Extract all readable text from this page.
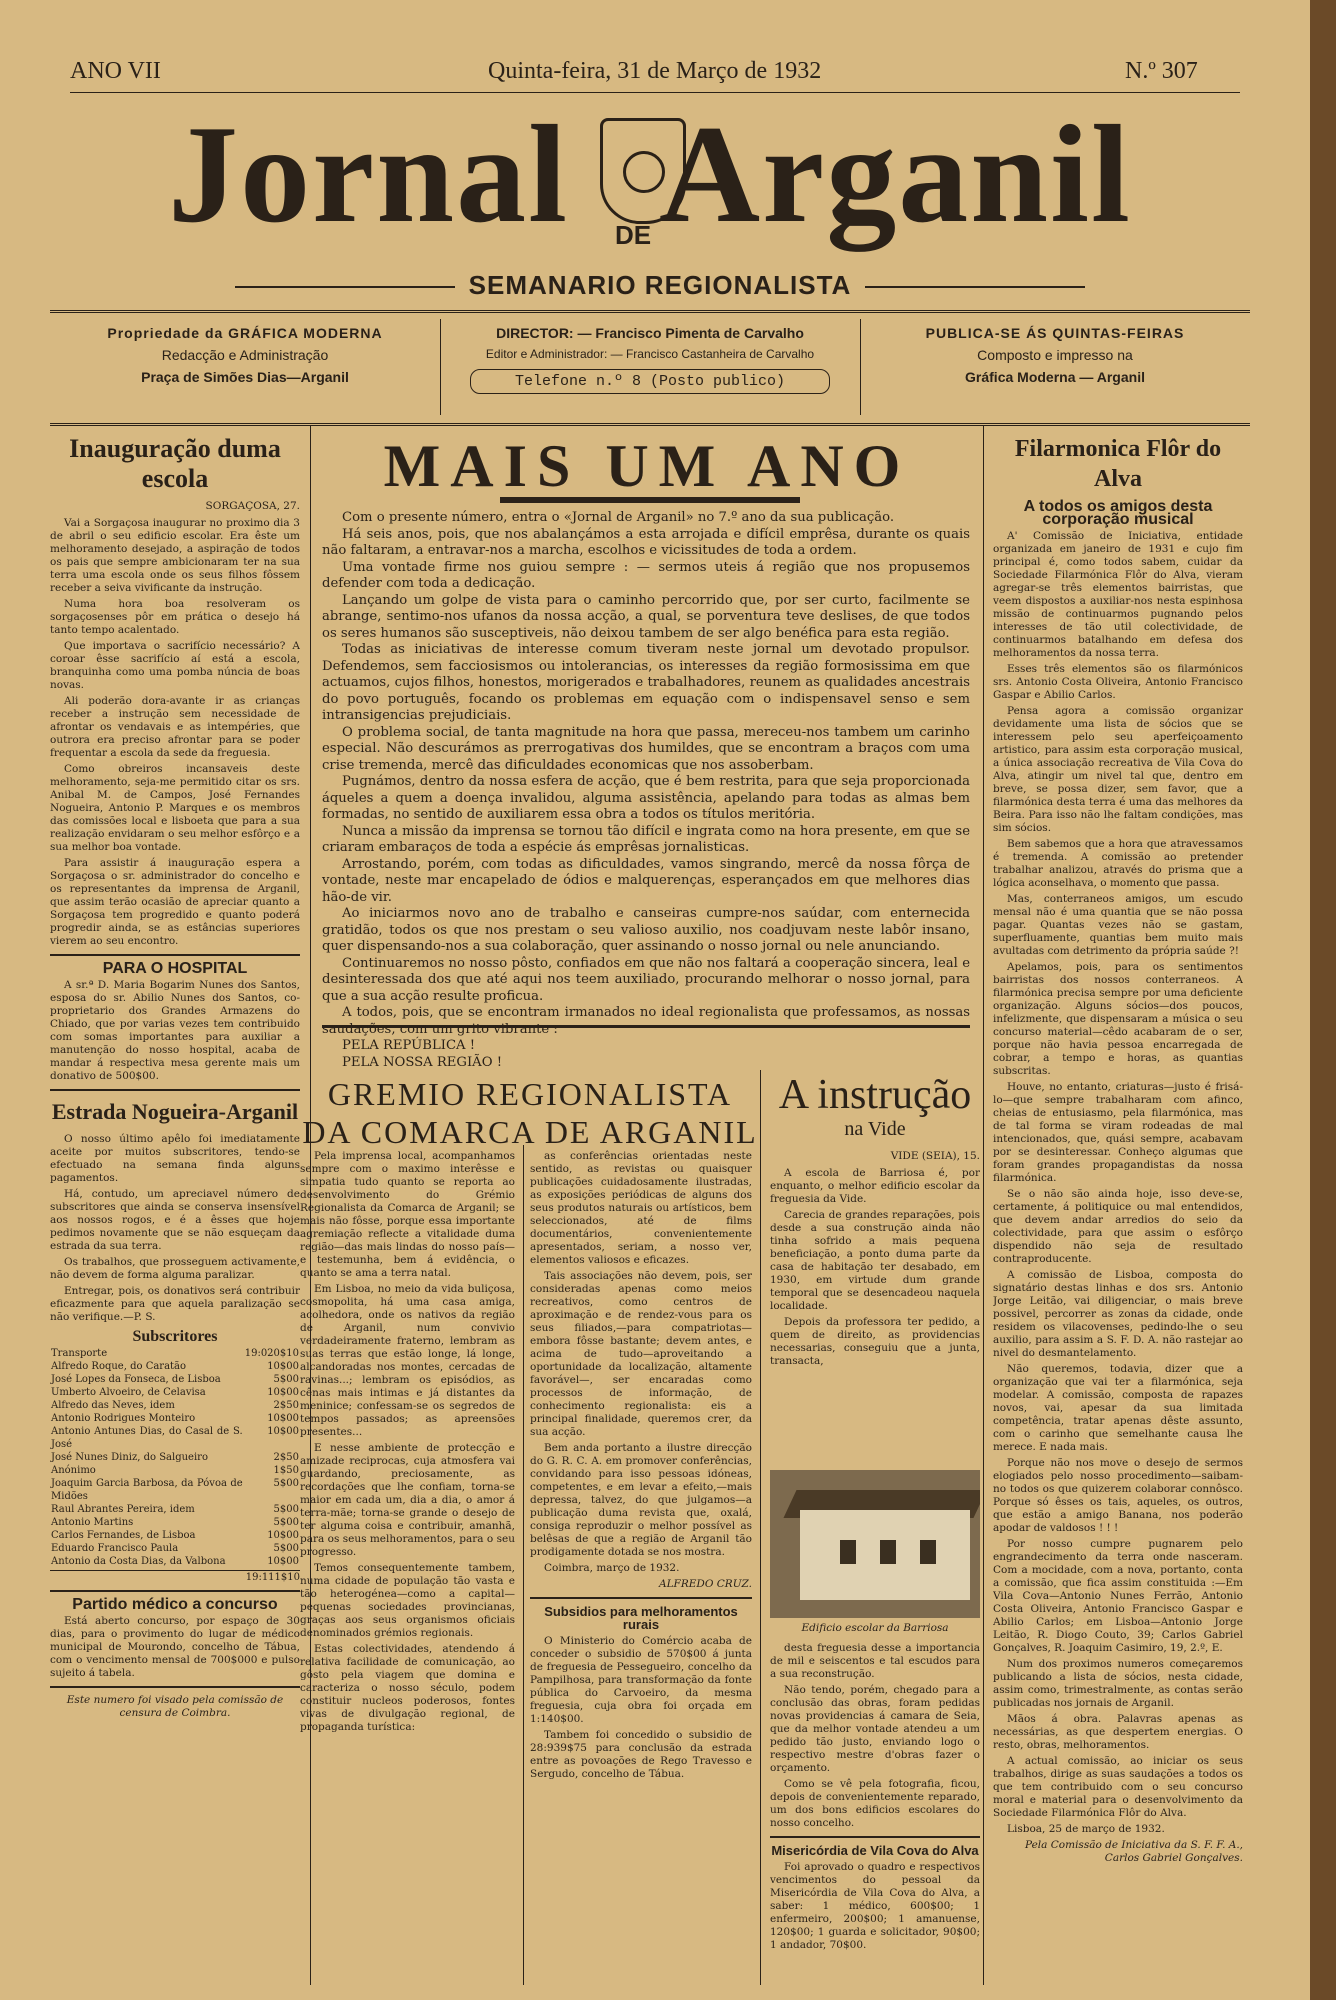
ANO VII	Quinta-feira, 31 de Março de 1932	N.º 307
Jornal Arganil
DE
SEMANARIO REGIONALISTA
Propriedade da GRÁFICA MODERNA
Redacção e Administração
Praça de Simões Dias—Arganil
DIRECTOR: — Francisco Pimenta de Carvalho
Editor e Administrador: — Francisco Castanheira de Carvalho
Telefone n.º 8 (Posto publico)
PUBLICA-SE ÁS QUINTAS-FEIRAS
Composto e impresso na
Gráfica Moderna — Arganil
Inauguração duma escola
SORGAÇOSA, 27.

Vai a Sorgaçosa inaugurar no proximo dia 3 de abril o seu edificio escolar. Era êste um melhoramento desejado, a aspiração de todos os pais que sempre ambicionaram ter na sua terra uma escola onde os seus filhos fôssem receber a seiva vivificante da instrução.

Numa hora boa resolveram os sorgaçosenses pôr em prática o desejo há tanto tempo acalentado.

Que importava o sacrifício necessário? A coroar êsse sacrifício aí está a escola, branquinha como uma pomba núncia de boas novas.

Ali poderão dora-avante ir as crianças receber a instrução sem necessidade de afrontar os vendavais e as intempéries, que outrora era preciso afrontar para se poder frequentar a escola da sede da freguesia.

Como obreiros incansaveis deste melhoramento, seja-me permitido citar os srs. Anibal M. de Campos, José Fernandes Nogueira, Antonio P. Marques e os membros das comissões local e lisboeta que para a sua realização envidaram o seu melhor esfôrço e a sua melhor boa vontade.

Para assistir á inauguração espera a Sorgaçosa o sr. administrador do concelho e os representantes da imprensa de Arganil, que assim terão ocasião de apreciar quanto a Sorgaçosa tem progredido e quanto poderá progredir ainda, se as estâncias superiores vierem ao seu encontro.

PARA O HOSPITAL

A sr.ª D. Maria Bogarim Nunes dos Santos, esposa do sr. Abilio Nunes dos Santos, co-proprietario dos Grandes Armazens do Chiado, que por varias vezes tem contribuido com somas importantes para auxiliar a manutenção do nosso hospital, acaba de mandar á respectiva mesa gerente mais um donativo de 500$00.

Estrada Nogueira-Arganil

O nosso último apêlo foi imediatamente aceite por muitos subscritores, tendo-se efectuado na semana finda alguns pagamentos.

Há, contudo, um apreciavel número de subscritores que ainda se conserva insensível aos nossos rogos, e é a êsses que hoje pedimos novamente que se não esqueçam da estrada da sua terra.

Os trabalhos, que prosseguem activamente, não devem de forma alguma paralizar.

Entregar, pois, os donativos será contribuir eficazmente para que aquela paralização se não verifique.—P. S.

Subscritores
Transporte	19:020$10
Alfredo Roque, do Caratão	10$00
José Lopes da Fonseca, de Lisboa	5$00
Umberto Alvoeiro, de Celavisa	10$00
Alfredo das Neves, idem	2$50
Antonio Rodrigues Monteiro	10$00
Antonio Antunes Dias, do Casal de S. José	10$00
José Nunes Diniz, do Salgueiro	2$50
Anónimo	1$50
Joaquim Garcia Barbosa, da Póvoa de Midões	5$00
Raul Abrantes Pereira, idem	5$00
Antonio Martins	5$00
Carlos Fernandes, de Lisboa	10$00
Eduardo Francisco Paula	5$00
Antonio da Costa Dias, da Valbona	10$00
19:111$10
Partido médico a concurso

Está aberto concurso, por espaço de 30 dias, para o provimento do lugar de médico municipal de Mourondo, concelho de Tábua, com o vencimento mensal de 700$000 e pulso sujeito á tabela.

Este numero foi visado pela comissão de censura de Coimbra.
MAIS UM ANO

Com o presente número, entra o «Jornal de Arganil» no 7.º ano da sua publicação.

Há seis anos, pois, que nos abalançámos a esta arrojada e difícil emprêsa, durante os quais não faltaram, a entravar-nos a marcha, escolhos e vicissitudes de toda a ordem.

Uma vontade firme nos guiou sempre : — sermos uteis á região que nos propusemos defender com toda a dedicação.

Lançando um golpe de vista para o caminho percorrido que, por ser curto, facilmente se abrange, sentimo-nos ufanos da nossa acção, a qual, se porventura teve deslises, de que todos os seres humanos são susceptiveis, não deixou tambem de ser algo benéfica para esta região.

Todas as iniciativas de interesse comum tiveram neste jornal um devotado propulsor. Defendemos, sem facciosismos ou intolerancias, os interesses da região formosissima em que actuamos, cujos filhos, honestos, morigerados e trabalhadores, reunem as qualidades ancestrais do povo português, focando os problemas em equação com o indispensavel senso e sem intransigencias prejudiciais.

O problema social, de tanta magnitude na hora que passa, mereceu-nos tambem um carinho especial. Não descurámos as prerrogativas dos humildes, que se encontram a braços com uma crise tremenda, mercê das dificuldades economicas que nos assoberbam.

Pugnámos, dentro da nossa esfera de acção, que é bem restrita, para que seja proporcionada áqueles a quem a doença invalidou, alguma assistência, apelando para todas as almas bem formadas, no sentido de auxiliarem essa obra a todos os títulos meritória.

Nunca a missão da imprensa se tornou tão difícil e ingrata como na hora presente, em que se criaram embaraços de toda a espécie ás emprêsas jornalisticas.

Arrostando, porém, com todas as dificuldades, vamos singrando, mercê da nossa fôrça de vontade, neste mar encapelado de ódios e malquerenças, esperançados em que melhores dias hão-de vir.

Ao iniciarmos novo ano de trabalho e canseiras cumpre-nos saúdar, com enternecida gratidão, todos os que nos prestam o seu valioso auxilio, nos coadjuvam neste labôr insano, quer dispensando-nos a sua colaboração, quer assinando o nosso jornal ou nele anunciando.

Continuaremos no nosso pôsto, confiados em que não nos faltará a cooperação sincera, leal e desinteressada dos que até aqui nos teem auxiliado, procurando melhorar o nosso jornal, para que a sua acção resulte proficua.

A todos, pois, que se encontram irmanados no ideal regionalista que professamos, as nossas saudações, com um grito vibrante :

PELA REPÚBLICA !

PELA NOSSA REGIÃO !

GREMIO REGIONALISTA DA COMARCA DE ARGANIL

Pela imprensa local, acompanhamos sempre com o maximo interêsse e simpatia tudo quanto se reporta ao desenvolvimento do Grémio Regionalista da Comarca de Arganil; se mais não fôsse, porque essa importante agremiação reflecte a vitalidade duma região—das mais lindas do nosso país—e testemunha, bem á evidência, o quanto se ama a terra natal.

Em Lisboa, no meio da vida buliçosa, cosmopolita, há uma casa amiga, acolhedora, onde os nativos da região de Arganil, num convivio verdadeiramente fraterno, lembram as suas terras que estão longe, lá longe, alcandoradas nos montes, cercadas de ravinas...; lembram os episódios, as cênas mais intimas e já distantes da meninice; confessam-se os segredos de tempos passados; as apreensões presentes...

E nesse ambiente de protecção e amizade reciprocas, cuja atmosfera vai guardando, preciosamente, as recordações que lhe confiam, torna-se maior em cada um, dia a dia, o amor á terra-mãe; torna-se grande o desejo de ter alguma coisa e contribuir, amanhã, para os seus melhoramentos, para o seu progresso.

Temos consequentemente tambem, numa cidade de população tão vasta e tão heterogénea—como a capital—pequenas sociedades provincianas, graças aos seus organismos oficiais denominados grémios regionais.

Estas colectividades, atendendo á relativa facilidade de comunicação, ao gôsto pela viagem que domina e caracteriza o nosso século, podem constituir nucleos poderosos, fontes vivas de divulgação regional, de propaganda turística:

as conferências orientadas neste sentido, as revistas ou quaisquer publicações cuidadosamente ilustradas, as exposições periódicas de alguns dos seus produtos naturais ou artísticos, bem seleccionados, até de films documentários, convenientemente apresentados, seriam, a nosso ver, elementos valiosos e eficazes.

Tais associações não devem, pois, ser consideradas apenas como meios recreativos, como centros de aproximação e de rendez-vous para os seus filiados,—para compatriotas—embora fôsse bastante; devem antes, e acima de tudo—aproveitando a oportunidade da localização, altamente favorável—, ser encaradas como processos de informação, de conhecimento regionalista: eis a principal finalidade, queremos crer, da sua acção.

Bem anda portanto a ilustre direcção do G. R. C. A. em promover conferências, convidando para isso pessoas idóneas, competentes, e em levar a efeito,—mais depressa, talvez, do que julgamos—a publicação duma revista que, oxalá, consiga reproduzir o melhor possível as belêsas de que a região de Arganil tão prodigamente dotada se nos mostra.

Coimbra, março de 1932.

ALFREDO CRUZ.
Subsidios para melhoramentos rurais

O Ministerio do Comércio acaba de conceder o subsidio de 570$00 á junta de freguesia de Pessegueiro, concelho da Pampilhosa, para transformação da fonte pública do Carvoeiro, da mesma freguesia, cuja obra foi orçada em 1:140$00.

Tambem foi concedido o subsidio de 28:939$75 para conclusão da estrada entre as povoações de Rego Travesso e Sergudo, concelho de Tábua.

A instrução
na Vide
VIDE (SEIA), 15.

A escola de Barriosa é, por enquanto, o melhor edificio escolar da freguesia da Vide.

Carecia de grandes reparações, pois desde a sua construção ainda não tinha sofrido a mais pequena beneficiação, a ponto duma parte da casa de habitação ter desabado, em 1930, em virtude dum grande temporal que se desencadeou naquela localidade.

Depois da professora ter pedido, a quem de direito, as providencias necessarias, conseguiu que a junta, transacta,

Edificio escolar da Barriosa

desta freguesia desse a importancia de mil e seiscentos e tal escudos para a sua reconstrução.

Não tendo, porém, chegado para a conclusão das obras, foram pedidas novas providencias á camara de Seia, que da melhor vontade atendeu a um pedido tão justo, enviando logo o respectivo mestre d'obras fazer o orçamento.

Como se vê pela fotografia, ficou, depois de convenientemente reparado, um dos bons edificios escolares do nosso concelho.

Misericórdia de Vila Cova do Alva

Foi aprovado o quadro e respectivos vencimentos do pessoal da Misericórdia de Vila Cova do Alva, a saber: 1 médico, 600$00; 1 enfermeiro, 200$00; 1 amanuense, 120$00; 1 guarda e solicitador, 90$00; 1 andador, 70$00.

Filarmonica Flôr do Alva
A todos os amigos desta corporação musical

A' Comissão de Iniciativa, entidade organizada em janeiro de 1931 e cujo fim principal é, como todos sabem, cuidar da Sociedade Filarmónica Flôr do Alva, vieram agregar-se três elementos bairristas, que veem dispostos a auxiliar-nos nesta espinhosa missão de continuarmos pugnando pelos interesses de tão util colectividade, de continuarmos batalhando em defesa dos melhoramentos da nossa terra.

Esses três elementos são os filarmónicos srs. Antonio Costa Oliveira, Antonio Francisco Gaspar e Abilio Carlos.

Pensa agora a comissão organizar devidamente uma lista de sócios que se interessem pelo seu aperfeiçoamento artistico, para assim esta corporação musical, a única associação recreativa de Vila Cova do Alva, atingir um nivel tal que, dentro em breve, se possa dizer, sem favor, que a filarmónica desta terra é uma das melhores da Beira. Para isso não lhe faltam condições, mas sim sócios.

Bem sabemos que a hora que atravessamos é tremenda. A comissão ao pretender trabalhar analizou, através do prisma que a lógica aconselhava, o momento que passa.

Mas, conterraneos amigos, um escudo mensal não é uma quantia que se não possa pagar. Quantas vezes não se gastam, superfluamente, quantias bem muito mais avultadas com detrimento da própria saúde ?!

Apelamos, pois, para os sentimentos bairristas dos nossos conterraneos. A filarmónica precisa sempre por uma deficiente organização. Alguns sócios—dos poucos, infelizmente, que dispensaram a música o seu concurso material—cêdo acabaram de o ser, porque não havia pessoa encarregada de cobrar, a tempo e horas, as quantias subscritas.

Houve, no entanto, criaturas—justo é frisá-lo—que sempre trabalharam com afinco, cheias de entusiasmo, pela filarmónica, mas de tal forma se viram rodeadas de mal intencionados, que, quási sempre, acabavam por se desinteressar. Conheço algumas que foram grandes propagandistas da nossa filarmónica.

Se o não são ainda hoje, isso deve-se, certamente, á politiquice ou mal entendidos, que devem andar arredios do seio da colectividade, para que assim o esfôrço dispendido não seja de resultado contraproducente.

A comissão de Lisboa, composta do signatário destas linhas e dos srs. Antonio Jorge Leitão, vai diligenciar, o mais breve possivel, percorrer as zonas da cidade, onde residem os vilacovenses, pedindo-lhe o seu auxilio, para assim a S. F. D. A. não rastejar ao nivel do desmantelamento.

Não queremos, todavia, dizer que a organização que vai ter a filarmónica, seja modelar. A comissão, composta de rapazes novos, vai, apesar da sua limitada competência, tratar apenas dêste assunto, com o carinho que semelhante causa lhe merece. E nada mais.

Porque não nos move o desejo de sermos elogiados pelo nosso procedimento—saibam-no todos os que quizerem colaborar connôsco. Porque só êsses os tais, aqueles, os outros, que estão a amigo Banana, nos poderão apodar de valdosos ! ! !

Por nosso cumpre pugnarem pelo engrandecimento da terra onde nasceram. Com a mocidade, com a nova, portanto, conta a comissão, que fica assim constituida :—Em Vila Cova—Antonio Nunes Ferrão, Antonio Costa Oliveira, Antonio Francisco Gaspar e Abilio Carlos; em Lisboa—Antonio Jorge Leitão, R. Diogo Couto, 39; Carlos Gabriel Gonçalves, R. Joaquim Casimiro, 19, 2.º, E.

Num dos proximos numeros começaremos publicando a lista de sócios, nesta cidade, assim como, trimestralmente, as contas serão publicadas nos jornais de Arganil.

Mãos á obra. Palavras apenas as necessárias, as que despertem energias. O resto, obras, melhoramentos.

A actual comissão, ao iniciar os seus trabalhos, dirige as suas saudações a todos os que tem contribuido com o seu concurso moral e material para o desenvolvimento da Sociedade Filarmónica Flôr do Alva.

Lisboa, 25 de março de 1932.

Pela Comissão de Iniciativa da S. F. F. A., Carlos Gabriel Gonçalves.
